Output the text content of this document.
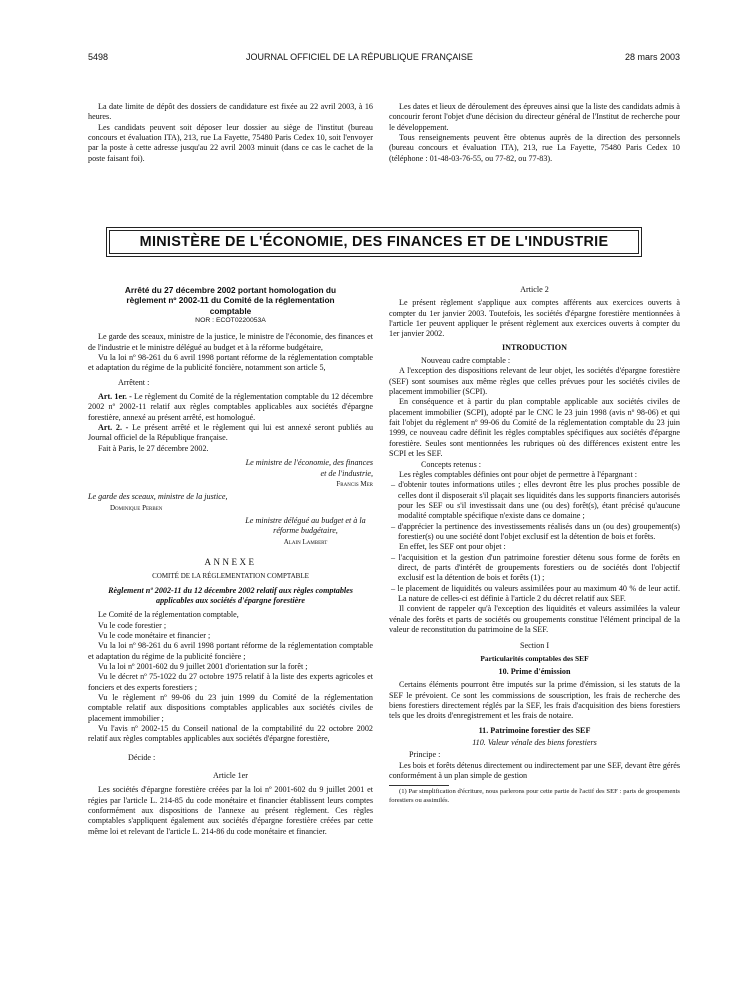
5498	JOURNAL OFFICIEL DE LA RÉPUBLIQUE FRANÇAISE	28 mars 2003

La date limite de dépôt des dossiers de candidature est fixée au 22 avril 2003, à 16 heures.

Les candidats peuvent soit déposer leur dossier au siège de l'institut (bureau concours et évaluation ITA), 213, rue La Fayette, 75480 Paris Cedex 10, soit l'envoyer par la poste à cette adresse jusqu'au 22 avril 2003 minuit (dans ce cas le cachet de la poste faisant foi).

Les dates et lieux de déroulement des épreuves ainsi que la liste des candidats admis à concourir feront l'objet d'une décision du directeur général de l'Institut de recherche pour le développement.

Tous renseignements peuvent être obtenus auprès de la direction des personnels (bureau concours et évaluation ITA), 213, rue La Fayette, 75480 Paris Cedex 10 (téléphone : 01-48-03-76-55, ou 77-82, ou 77-83).

MINISTÈRE DE L'ÉCONOMIE, DES FINANCES ET DE L'INDUSTRIE

Arrêté du 27 décembre 2002 portant homologation du règlement nº 2002-11 du Comité de la réglementation comptable

NOR : ECOT0220053A

Le garde des sceaux, ministre de la justice, le ministre de l'économie, des finances et de l'industrie et le ministre délégué au budget et à la réforme budgétaire,

Vu la loi nº 98-261 du 6 avril 1998 portant réforme de la réglementation comptable et adaptation du régime de la publicité foncière, notamment son article 5,

Arrêtent :

Art. 1er. - Le règlement du Comité de la réglementation comptable du 12 décembre 2002 nº 2002-11 relatif aux règles comptables applicables aux sociétés d'épargne forestière, annexé au présent arrêté, est homologué.

Art. 2. - Le présent arrêté et le règlement qui lui est annexé seront publiés au Journal officiel de la République française.

Fait à Paris, le 27 décembre 2002.

Le ministre de l'économie, des finances et de l'industrie,

Francis Mer

Le garde des sceaux, ministre de la justice,

Dominique Perben

Le ministre délégué au budget et à la réforme budgétaire,

Alain Lambert

ANNEXE

COMITÉ DE LA RÉGLEMENTATION COMPTABLE

Règlement nº 2002-11 du 12 décembre 2002 relatif aux règles comptables applicables aux sociétés d'épargne forestière

Le Comité de la réglementation comptable,

Vu le code forestier ;

Vu le code monétaire et financier ;

Vu la loi nº 98-261 du 6 avril 1998 portant réforme de la réglementation comptable et adaptation du régime de la publicité foncière ;

Vu la loi nº 2001-602 du 9 juillet 2001 d'orientation sur la forêt ;

Vu le décret nº 75-1022 du 27 octobre 1975 relatif à la liste des experts agricoles et fonciers et des experts forestiers ;

Vu le règlement nº 99-06 du 23 juin 1999 du Comité de la réglementation comptable relatif aux dispositions comptables applicables aux sociétés civiles de placement immobilier ;

Vu l'avis nº 2002-15 du Conseil national de la comptabilité du 22 octobre 2002 relatif aux règles comptables applicables aux sociétés d'épargne forestière,

Décide :

Article 1er

Les sociétés d'épargne forestière créées par la loi nº 2001-602 du 9 juillet 2001 et régies par l'article L. 214-85 du code monétaire et financier établissent leurs comptes conformément aux dispositions de l'annexe au présent règlement. Ces règles comptables s'appliquent également aux sociétés d'épargne forestière créées par cette même loi et relevant de l'article L. 214-86 du code monétaire et financier.

Article 2

Le présent règlement s'applique aux comptes afférents aux exercices ouverts à compter du 1er janvier 2003. Toutefois, les sociétés d'épargne forestière mentionnées à l'article 1er peuvent appliquer le présent règlement aux exercices ouverts à compter du 1er janvier 2002.

INTRODUCTION

Nouveau cadre comptable :

A l'exception des dispositions relevant de leur objet, les sociétés d'épargne forestière (SEF) sont soumises aux même règles que celles prévues pour les sociétés civiles de placement immobilier (SCPI).

En conséquence et à partir du plan comptable applicable aux sociétés civiles de placement immobilier (SCPI), adopté par le CNC le 23 juin 1998 (avis nº 98-06) et qui fait l'objet du règlement nº 99-06 du Comité de la réglementation comptable du 23 juin 1999, ce nouveau cadre définit les règles comptables spécifiques aux sociétés d'épargne forestière. Seules sont mentionnées les rubriques où des différences existent entre les SCPI et les SEF.

Concepts retenus :

Les règles comptables définies ont pour objet de permettre à l'épargnant :

– d'obtenir toutes informations utiles ; elles devront être les plus proches possible de celles dont il disposerait s'il plaçait ses liquidités dans les supports financiers autorisés pour les SEF ou s'il investissait dans une (ou des) forêt(s), étant précisé qu'aucune modalité comptable spécifique n'existe dans ce domaine ;

– d'apprécier la pertinence des investissements réalisés dans un (ou des) groupement(s) forestier(s) ou une société dont l'objet exclusif est la détention de bois et forêts.

En effet, les SEF ont pour objet :

– l'acquisition et la gestion d'un patrimoine forestier détenu sous forme de forêts en direct, de parts d'intérêt de groupements forestiers ou de sociétés dont l'objectif exclusif est la détention de bois et forêts (1) ;

– le placement de liquidités ou valeurs assimilées pour au maximum 40 % de leur actif. La nature de celles-ci est définie à l'article 2 du décret relatif aux SEF.

Il convient de rappeler qu'à l'exception des liquidités et valeurs assimilées la valeur vénale des forêts et parts de sociétés ou groupements constitue l'élément principal de la valeur de reconstitution du patrimoine de la SEF.

Section I

Particularités comptables des SEF

10. Prime d'émission

Certains éléments pourront être imputés sur la prime d'émission, si les statuts de la SEF le prévoient. Ce sont les commissions de souscription, les frais de recherche des biens forestiers directement réglés par la SEF, les frais d'acquisition des biens forestiers tels que les droits d'enregistrement et les frais de notaire.

11. Patrimoine forestier des SEF

110. Valeur vénale des biens forestiers

Principe :

Les bois et forêts détenus directement ou indirectement par une SEF, devant être gérés conformément à un plan simple de gestion

(1) Par simplification d'écriture, nous parlerons pour cette partie de l'actif des SEF : parts de groupements forestiers ou assimilés.
